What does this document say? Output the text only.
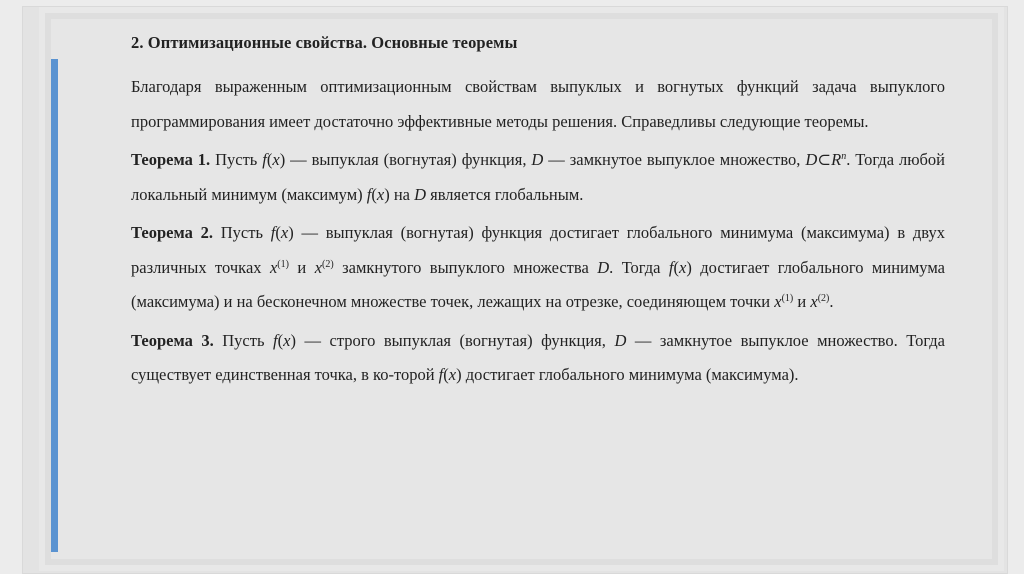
2. Оптимизационные свойства. Основные теоремы

Благодаря выраженным оптимизационным свойствам выпуклых и вогнутых функций задача выпуклого программирования имеет достаточно эффективные методы решения. Справедливы следующие теоремы.

Теорема 1. Пусть f(x) — выпуклая (вогнутая) функция, D — замкнутое выпуклое множество, $D\subset R^n$. Тогда любой локальный минимум (максимум) f(x) на D является глобальным.

Теорема 2. Пусть f(x) — выпуклая (вогнутая) функция достигает глобального минимума (максимума) в двух различных точках $x^{(1)}$ и $x^{(2)}$ замкнутого выпуклого множества D. Тогда f(x) достигает глобального минимума (максимума) и на бесконечном множестве точек, лежащих на отрезке, соединяющем точки $x^{(1)}$ и $x^{(2)}$.

Теорема 3. Пусть f(x) — строго выпуклая (вогнутая) функция, D — замкнутое выпуклое множество. Тогда существует единственная точка, в ко-торой f(x) достигает глобального минимума (максимума).
